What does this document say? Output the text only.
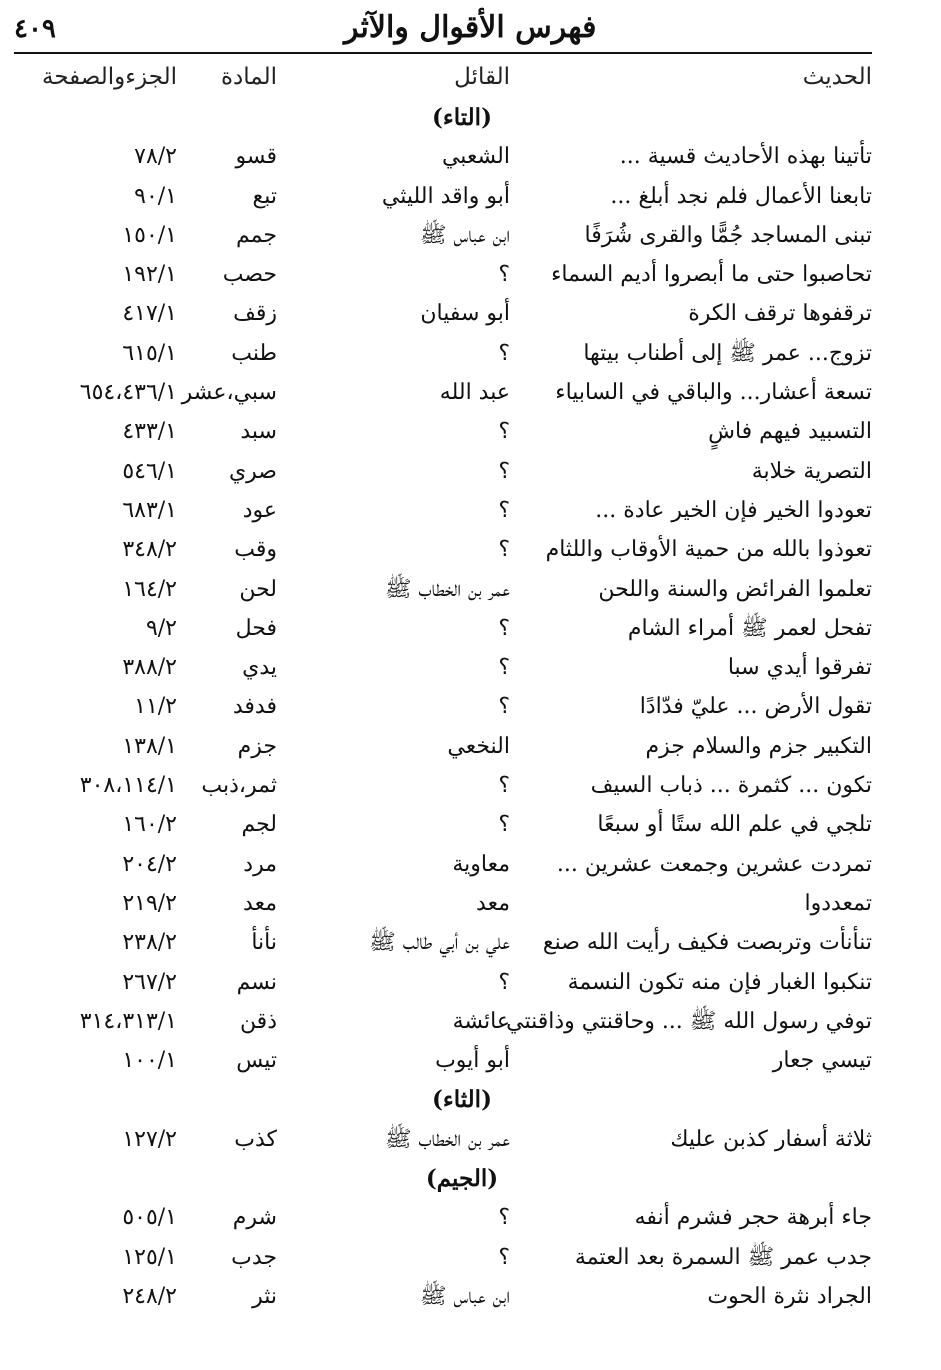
٤٠٩	فهرس الأقوال والآثر
الحديث
القائل
المادة
الجزءوالصفحة
(التاء)
تأتينا بهذه الأحاديث قسية ...
الشعبي
قسو
٧٨/٢
تابعنا الأعمال فلم نجد أبلغ ...
أبو واقد الليثي
تبع
٩٠/١
تبنى المساجد جُمًّا والقرى شُرَفًا
ابن عباس ﷺ
جمم
١٥٠/١
تحاصبوا حتى ما أبصروا أديم السماء
؟
حصب
١٩٢/١
ترقفوها ترقف الكرة
أبو سفيان
زقف
٤١٧/١
تزوج... عمر ﷺ إلى أطناب بيتها
؟
طنب
٦١٥/١
تسعة أعشار... والباقي في السابياء
عبد الله
سبي،عشر
٦٥٤،٤٣٦/١
التسبيد فيهم فاشٍ
؟
سبد
٤٣٣/١
التصرية خلابة
؟
صري
٥٤٦/١
تعودوا الخير فإن الخير عادة ...
؟
عود
٦٨٣/١
تعوذوا بالله من حمية الأوقاب واللثام
؟
وقب
٣٤٨/٢
تعلموا الفرائض والسنة واللحن
عمر بن الخطاب ﷺ
لحن
١٦٤/٢
تفحل لعمر ﷺ أمراء الشام
؟
فحل
٩/٢
تفرقوا أيدي سبا
؟
يدي
٣٨٨/٢
تقول الأرض ... عليّ فدّادًا
؟
فدفد
١١/٢
التكبير جزم والسلام جزم
النخعي
جزم
١٣٨/١
تكون ... كثمرة ... ذباب السيف
؟
ثمر،ذبب
٣٠٨،١١٤/١
تلجي في علم الله ستًا أو سبعًا
؟
لجم
١٦٠/٢
تمردت عشرين وجمعت عشرين ...
معاوية
مرد
٢٠٤/٢
تمعددوا
معد
معد
٢١٩/٢
تنأنأت وتربصت فكيف رأيت الله صنع
علي بن أبي طالب ﷺ
نأنأ
٢٣٨/٢
تنكبوا الغبار فإن منه تكون النسمة
؟
نسم
٢٦٧/٢
توفي رسول الله ﷺ ... وحاقنتي وذاقنتي
عائشة
ذقن
٣١٤،٣١٣/١
تيسي جعار
أبو أيوب
تيس
١٠٠/١
(الثاء)
ثلاثة أسفار كذبن عليك
عمر بن الخطاب ﷺ
كذب
١٢٧/٢
(الجيم)
جاء أبرهة حجر فشرم أنفه
؟
شرم
٥٠٥/١
جدب عمر ﷺ السمرة بعد العتمة
؟
جدب
١٢٥/١
الجراد نثرة الحوت
ابن عباس ﷺ
نثر
٢٤٨/٢
